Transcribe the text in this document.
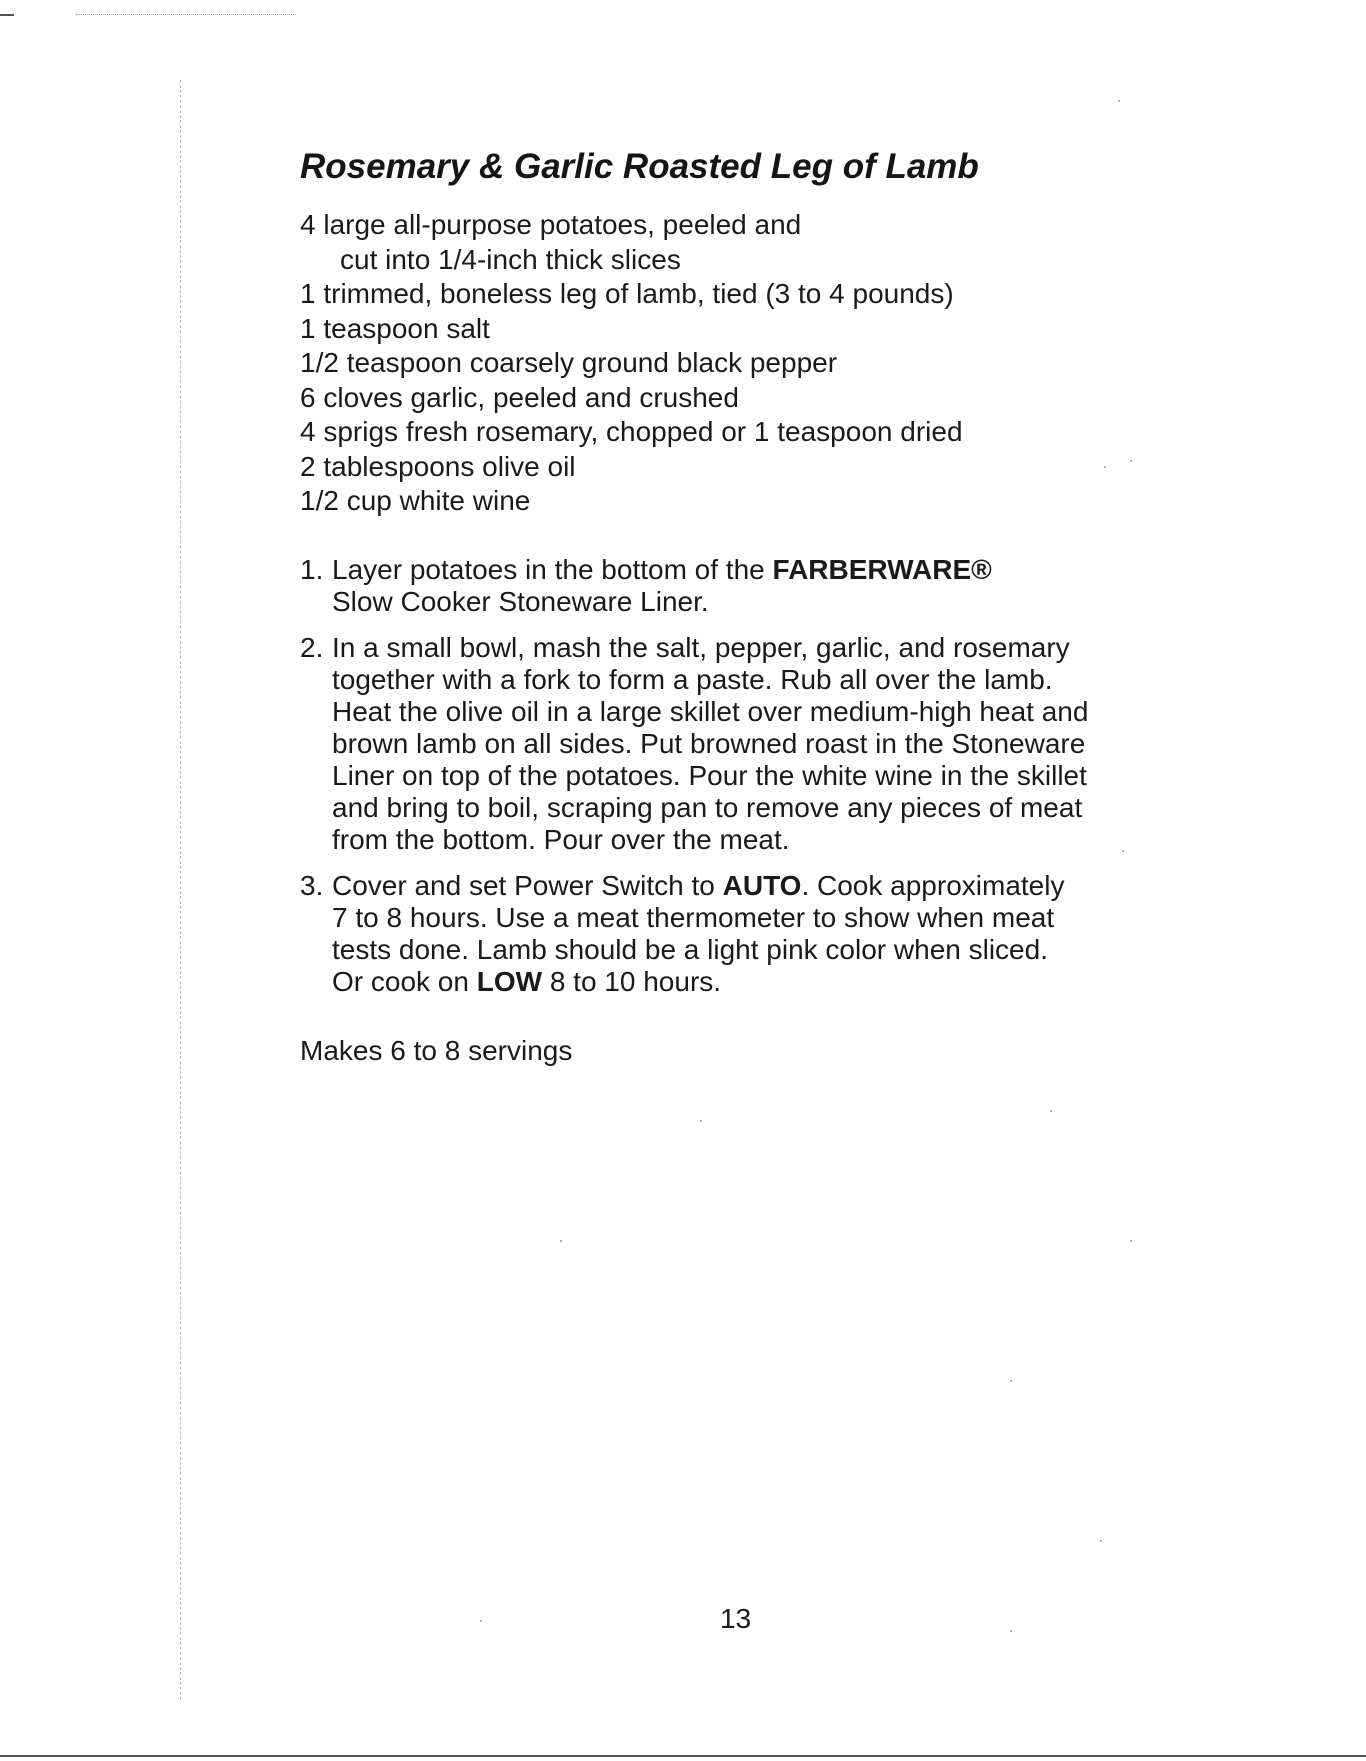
Rosemary & Garlic Roasted Leg of Lamb
4 large all-purpose potatoes, peeled and
cut into 1/4-inch thick slices
1 trimmed, boneless leg of lamb, tied (3 to 4 pounds)
1 teaspoon salt
1/2 teaspoon coarsely ground black pepper
6 cloves garlic, peeled and crushed
4 sprigs fresh rosemary, chopped or 1 teaspoon dried
2 tablespoons olive oil
1/2 cup white wine
1. Layer potatoes in the bottom of the FARBERWARE®
Slow Cooker Stoneware Liner.
2. In a small bowl, mash the salt, pepper, garlic, and rosemary
together with a fork to form a paste. Rub all over the lamb.
Heat the olive oil in a large skillet over medium-high heat and
brown lamb on all sides. Put browned roast in the Stoneware
Liner on top of the potatoes. Pour the white wine in the skillet
and bring to boil, scraping pan to remove any pieces of meat
from the bottom. Pour over the meat.
3. Cover and set Power Switch to AUTO. Cook approximately
7 to 8 hours. Use a meat thermometer to show when meat
tests done. Lamb should be a light pink color when sliced.
Or cook on LOW 8 to 10 hours.

Makes 6 to 8 servings

13
